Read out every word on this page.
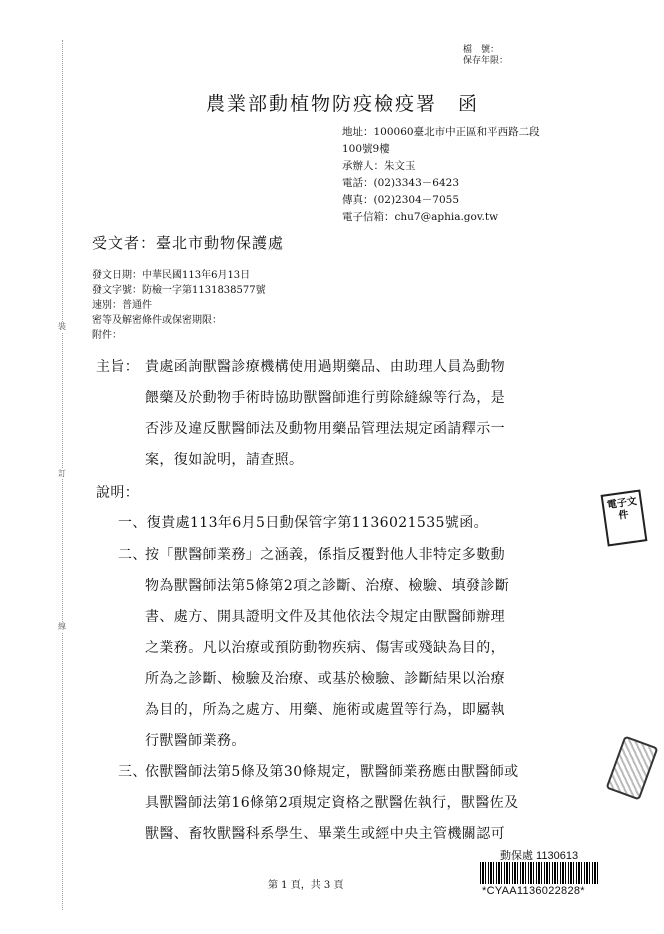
裝
訂
線
檔　號：
保存年限：
農業部動植物防疫檢疫署　函
地址：100060臺北市中正區和平西路二段
100號9樓
承辦人：朱文玉
電話：(02)3343－6423
傳真：(02)2304－7055
電子信箱：chu7@aphia.gov.tw
受文者：臺北市動物保護處
發文日期：中華民國113年6月13日
發文字號：防檢一字第1131838577號
速別：普通件
密等及解密條件或保密期限：
附件：
主旨： 貴處函詢獸醫診療機構使用過期藥品、由助理人員為動物
餵藥及於動物手術時協助獸醫師進行剪除縫線等行為，是
否涉及違反獸醫師法及動物用藥品管理法規定函請釋示一
案，復如說明，請查照。
說明：
一、復貴處113年6月5日動保管字第1136021535號函。
二、
按「獸醫師業務」之涵義，係指反覆對他人非特定多數動
物為獸醫師法第5條第2項之診斷、治療、檢驗、填發診斷
書、處方、開具證明文件及其他依法令規定由獸醫師辦理
之業務。凡以治療或預防動物疾病、傷害或殘缺為目的，
所為之診斷、檢驗及治療、或基於檢驗、診斷結果以治療
為目的，所為之處方、用藥、施術或處置等行為，即屬執
行獸醫師業務。
三、
依獸醫師法第5條及第30條規定，獸醫師業務應由獸醫師或
具獸醫師法第16條第2項規定資格之獸醫佐執行，獸醫佐及
獸醫、畜牧獸醫科系學生、畢業生或經中央主管機關認可
電子文件
第 1 頁，共 3 頁
動保處 1130613
*CYAA1136022828*
